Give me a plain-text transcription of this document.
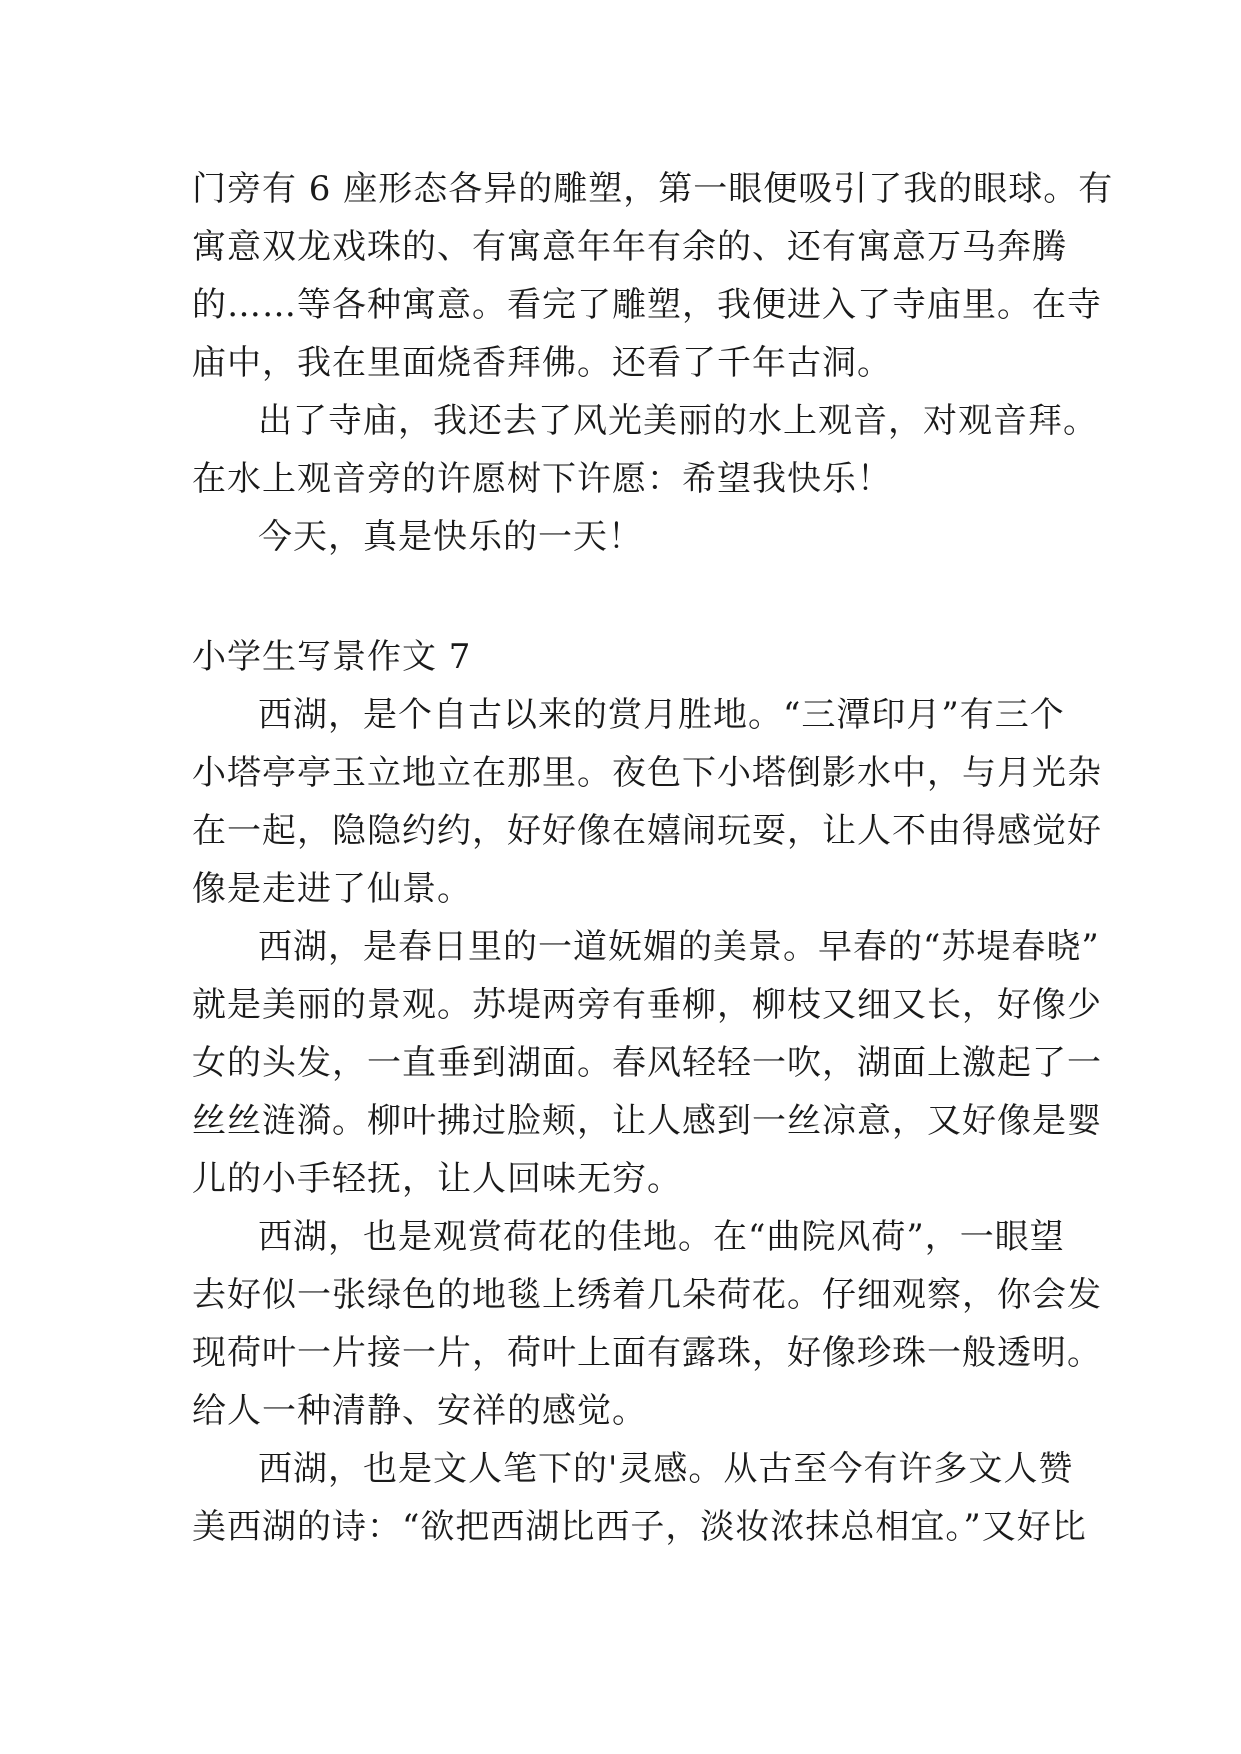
门旁有 6 座形态各异的雕塑，第一眼便吸引了我的眼球。有
寓意双龙戏珠的、有寓意年年有余的、还有寓意万马奔腾
的……等各种寓意。看完了雕塑，我便进入了寺庙里。在寺
庙中，我在里面烧香拜佛。还看了千年古洞。
出了寺庙，我还去了风光美丽的水上观音，对观音拜。
在水上观音旁的许愿树下许愿：希望我快乐！
今天，真是快乐的一天！
小学生写景作文 7
西湖，是个自古以来的赏月胜地。“三潭印月”有三个
小塔亭亭玉立地立在那里。夜色下小塔倒影水中，与月光杂
在一起，隐隐约约，好好像在嬉闹玩耍，让人不由得感觉好
像是走进了仙景。
西湖，是春日里的一道妩媚的美景。早春的“苏堤春晓”
就是美丽的景观。苏堤两旁有垂柳，柳枝又细又长，好像少
女的头发，一直垂到湖面。春风轻轻一吹，湖面上激起了一
丝丝涟漪。柳叶拂过脸颊，让人感到一丝凉意，又好像是婴
儿的小手轻抚，让人回味无穷。
西湖，也是观赏荷花的佳地。在“曲院风荷”，一眼望
去好似一张绿色的地毯上绣着几朵荷花。仔细观察，你会发
现荷叶一片接一片，荷叶上面有露珠，好像珍珠一般透明。
给人一种清静、安祥的感觉。
西湖，也是文人笔下的'灵感。从古至今有许多文人赞
美西湖的诗：“欲把西湖比西子，淡妆浓抹总相宜。”又好比
